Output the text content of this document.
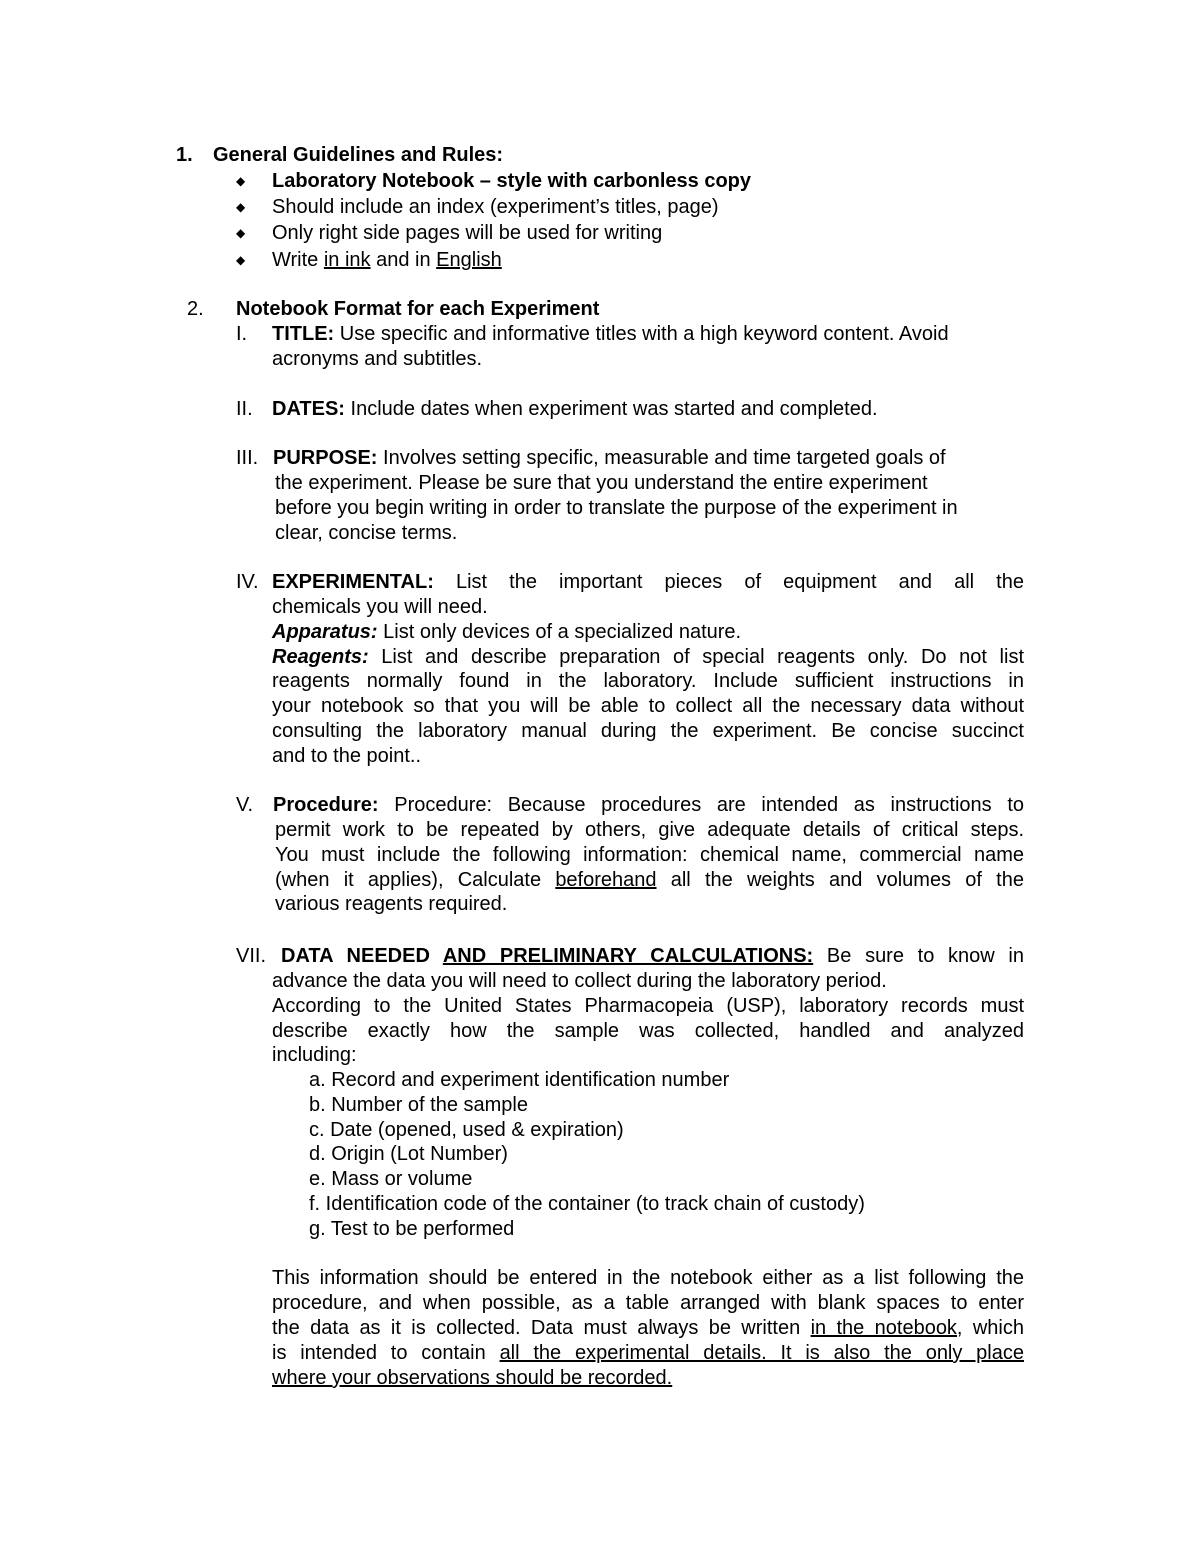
1. General Guidelines and Rules:
◆ Laboratory Notebook – style with carbonless copy
◆ Should include an index (experiment’s titles, page)
◆ Only right side pages will be used for writing
◆ Write in ink and in English
2. Notebook Format for each Experiment
I. TITLE: Use specific and informative titles with a high keyword content. Avoid
acronyms and subtitles.
II. DATES: Include dates when experiment was started and completed.
III. PURPOSE: Involves setting specific, measurable and time targeted goals of
the experiment. Please be sure that you understand the entire experiment
before you begin writing in order to translate the purpose of the experiment in
clear, concise terms.
IV. EXPERIMENTAL: List the important pieces of equipment and all the
chemicals you will need.
Apparatus: List only devices of a specialized nature.
Reagents: List and describe preparation of special reagents only. Do not list
reagents normally found in the laboratory. Include sufficient instructions in
your notebook so that you will be able to collect all the necessary data without
consulting the laboratory manual during the experiment. Be concise succinct
and to the point..
V. Procedure: Procedure: Because procedures are intended as instructions to
permit work to be repeated by others, give adequate details of critical steps.
You must include the following information: chemical name, commercial name
(when it applies), Calculate beforehand all the weights and volumes of the
various reagents required.
VII. DATA NEEDED AND PRELIMINARY CALCULATIONS: Be sure to know in
advance the data you will need to collect during the laboratory period.
According to the United States Pharmacopeia (USP), laboratory records must
describe exactly how the sample was collected, handled and analyzed
including:
a. Record and experiment identification number
b. Number of the sample
c. Date (opened, used & expiration)
d. Origin (Lot Number)
e. Mass or volume
f. Identification code of the container (to track chain of custody)
g. Test to be performed
This information should be entered in the notebook either as a list following the
procedure, and when possible, as a table arranged with blank spaces to enter
the data as it is collected. Data must always be written in the notebook, which
is intended to contain all the experimental details. It is also the only place
where your observations should be recorded.
